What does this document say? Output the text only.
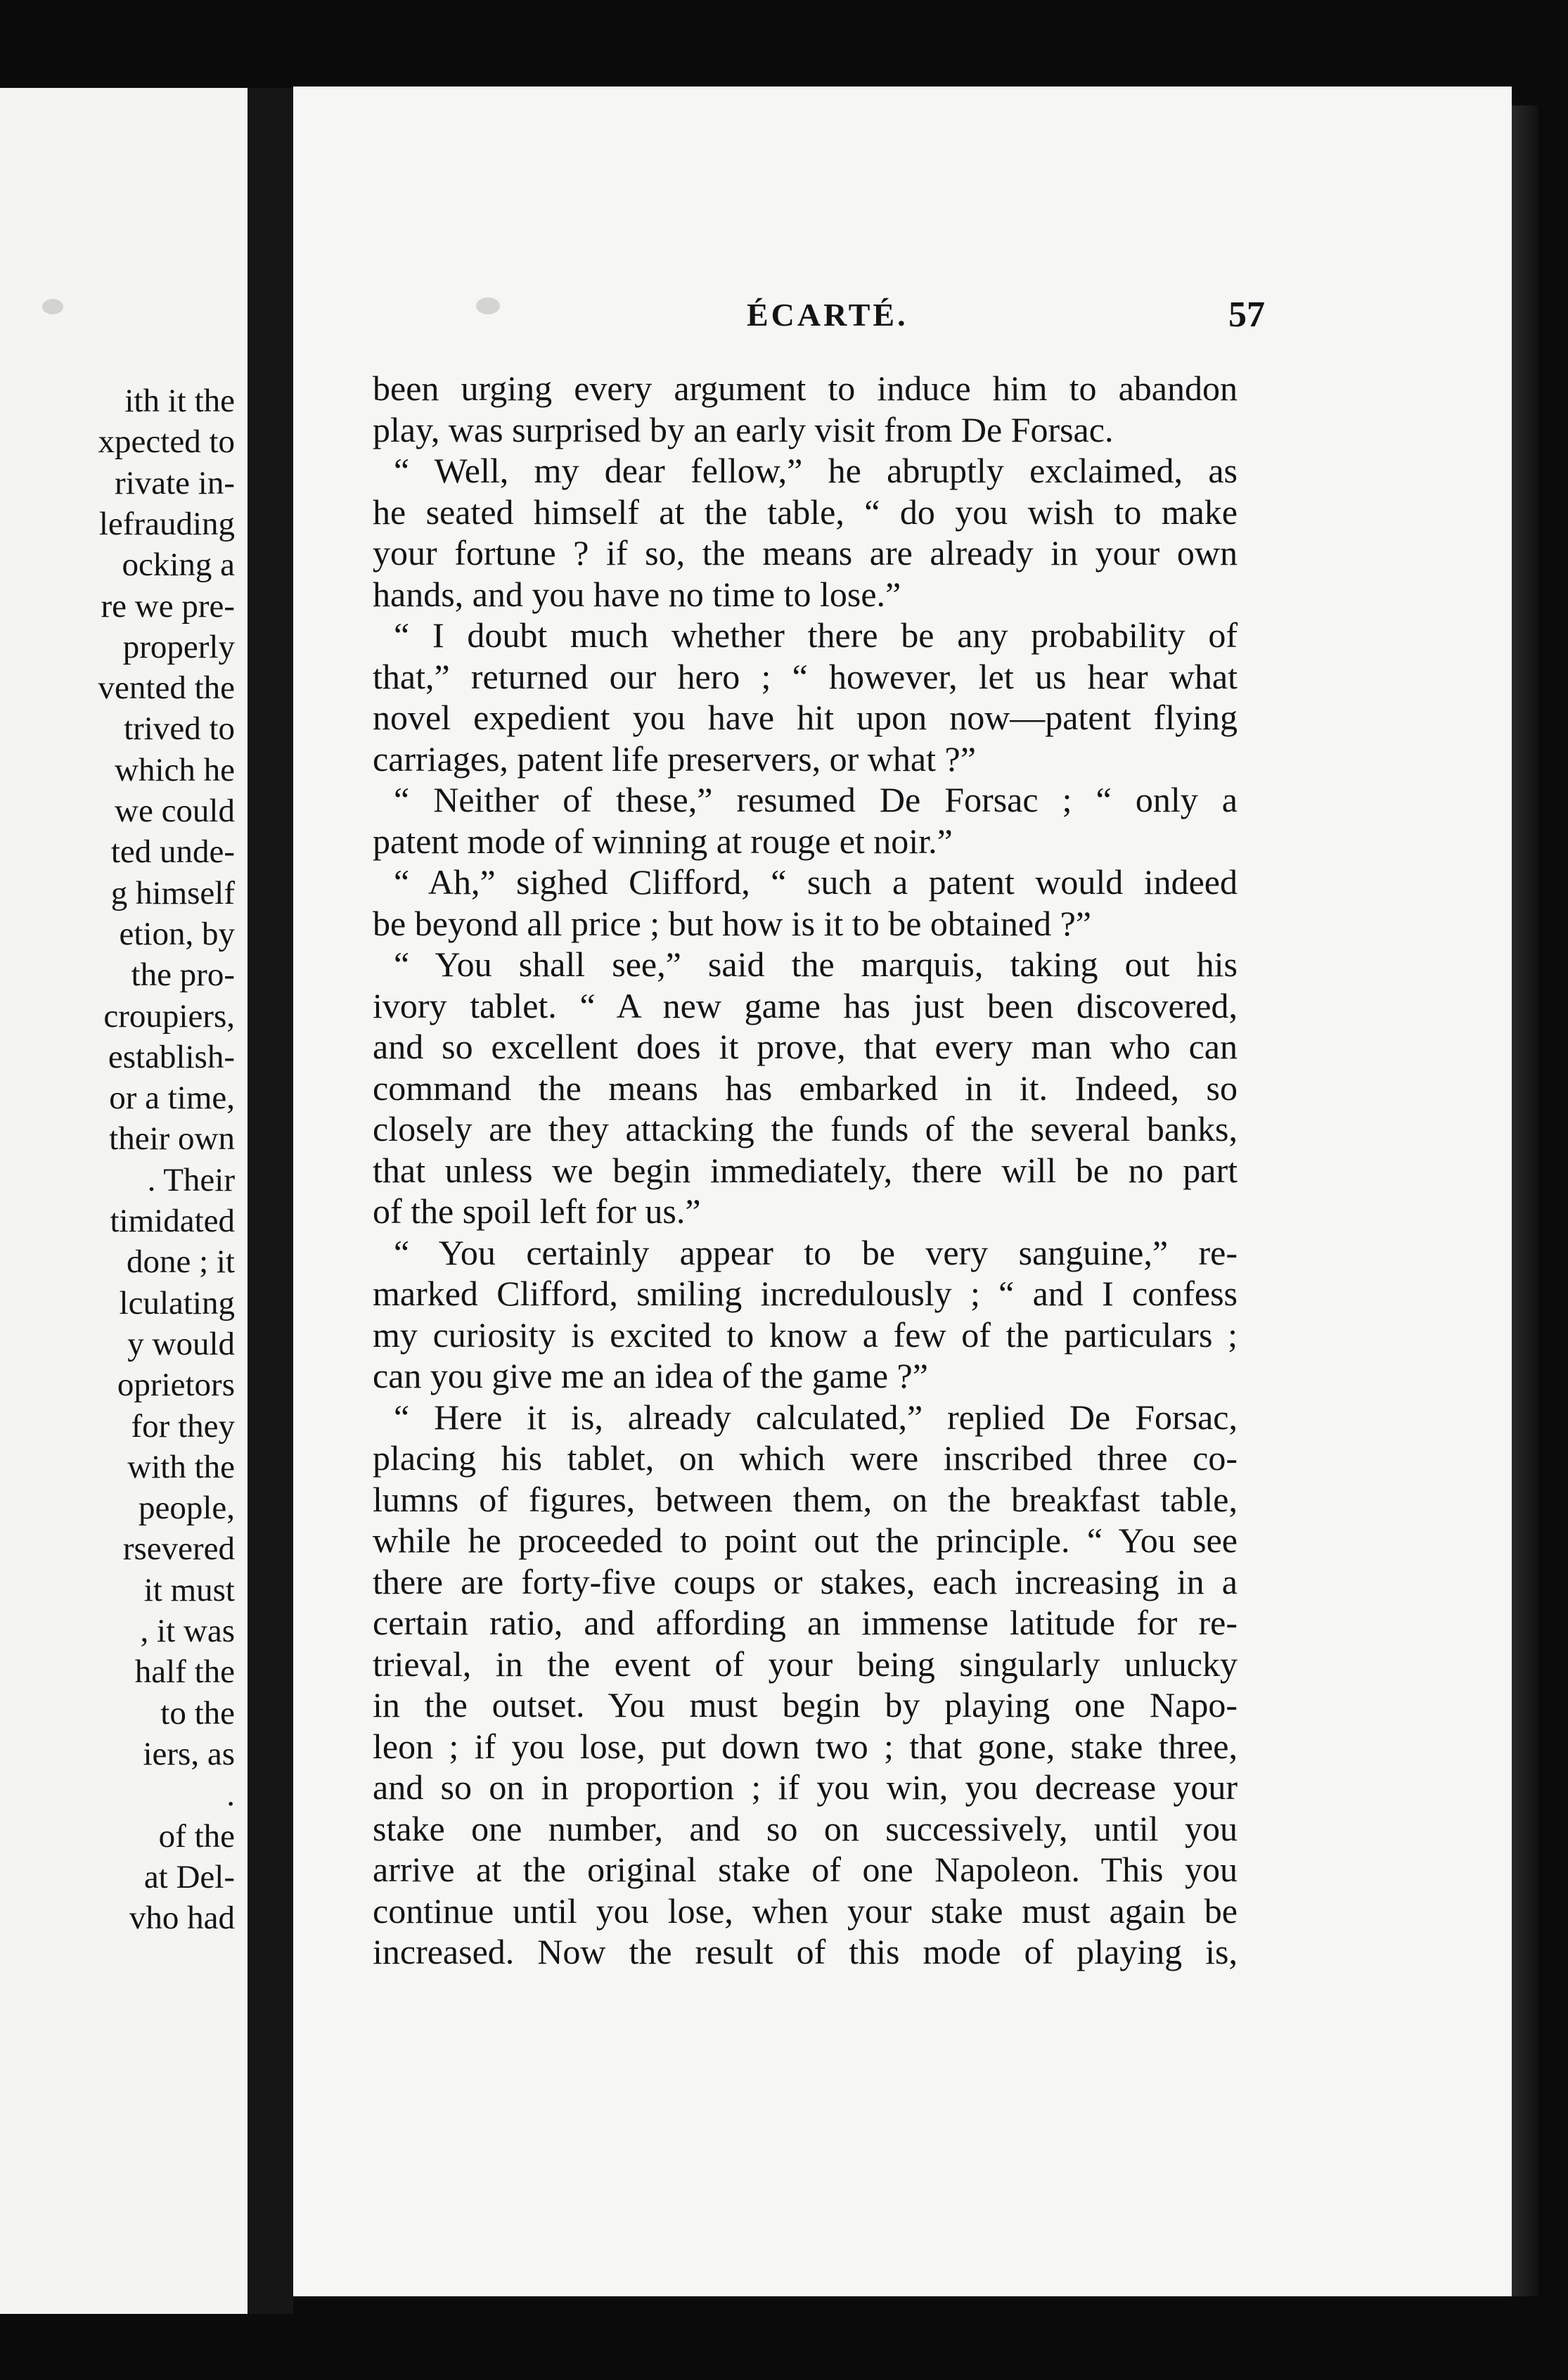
ith it the
xpected to
rivate in-
lefrauding
ocking a
re we pre-
properly
vented the
trived to
which he
we could
ted unde-
g himself
etion, by
the pro-
croupiers,
establish-
or a time,
their own
. Their
timidated
done ; it
lculating
y would
oprietors
for they
with the
people,
rsevered
it must
, it was
half the
to the
iers, as
.
of the
at Del-
vho had
ÉCARTÉ.	57
been urging every argument to induce him to abandon
play, was surprised by an early visit from De Forsac.
“ Well, my dear fellow,” he abruptly exclaimed, as
he seated himself at the table, “ do you wish to make
your fortune ? if so, the means are already in your own
hands, and you have no time to lose.”
“ I doubt much whether there be any probability of
that,” returned our hero ; “ however, let us hear what
novel expedient you have hit upon now—patent flying
carriages, patent life preservers, or what ?”
“ Neither of these,” resumed De Forsac ; “ only a
patent mode of winning at rouge et noir.”
“ Ah,” sighed Clifford, “ such a patent would indeed
be beyond all price ; but how is it to be obtained ?”
“ You shall see,” said the marquis, taking out his
ivory tablet. “ A new game has just been discovered,
and so excellent does it prove, that every man who can
command the means has embarked in it. Indeed, so
closely are they attacking the funds of the several banks,
that unless we begin immediately, there will be no part
of the spoil left for us.”
“ You certainly appear to be very sanguine,” re-
marked Clifford, smiling incredulously ; “ and I confess
my curiosity is excited to know a few of the particulars ;
can you give me an idea of the game ?”
“ Here it is, already calculated,” replied De Forsac,
placing his tablet, on which were inscribed three co-
lumns of figures, between them, on the breakfast table,
while he proceeded to point out the principle. “ You see
there are forty-five coups or stakes, each increasing in a
certain ratio, and affording an immense latitude for re-
trieval, in the event of your being singularly unlucky
in the outset. You must begin by playing one Napo-
leon ; if you lose, put down two ; that gone, stake three,
and so on in proportion ; if you win, you decrease your
stake one number, and so on successively, until you
arrive at the original stake of one Napoleon. This you
continue until you lose, when your stake must again be
increased. Now the result of this mode of playing is,
